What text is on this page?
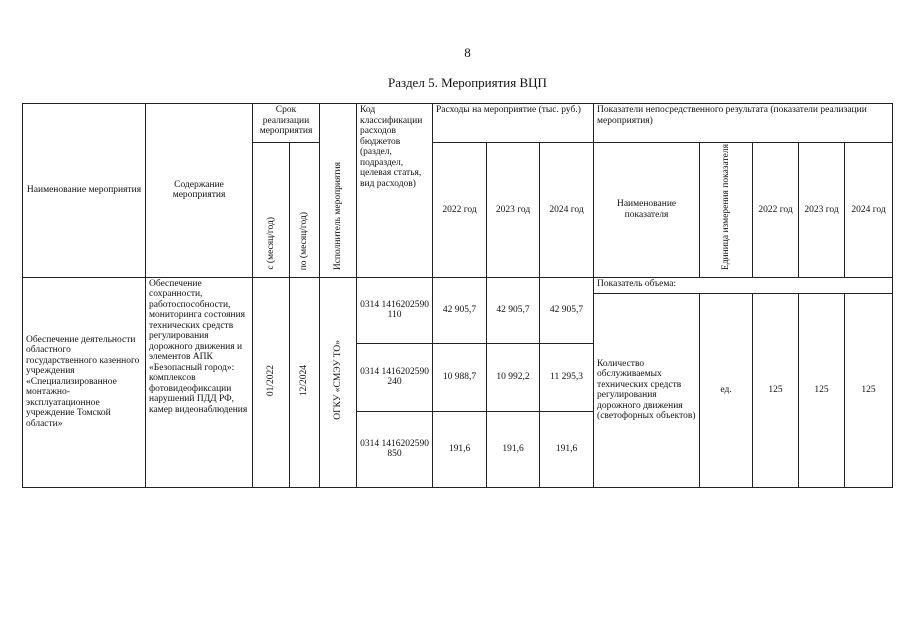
8
Раздел 5. Мероприятия ВЦП
Наименование мероприятия	Содержание мероприятия	Срок реализации мероприятия		Исполнитель мероприятия	Код классификации расходов бюджетов (раздел, подраздел, целевая статья, вид расходов)	Расходы на мероприятие (тыс. руб.)			Показатели непосредственного результата (показатели реализации мероприятия)				
		с (месяц/год)	по (месяц/год)			2022 год	2023 год	2024 год	Наименование показателя	Единица измерения показателя	2022 год	2023 год	2024 год
Обеспечение деятельности областного государственного казенного учреждения «Специализированное монтажно-эксплуатационное учреждение Томской области»	Обеспечение сохранности, работоспособности, мониторинга состояния технических средств регулирования дорожного движения и элементов АПК «Безопасный город»: комплексов фотовидеофиксации нарушений ПДД РФ, камер видеонаблюдения	01/2022	12/2024	ОГКУ «СМЭУ ТО»	0314 1416202590 110	42 905,7	42 905,7	42 905,7	Показатель объема:				
									Количество обслуживаемых технических средств регулирования дорожного движения (светофорных объектов)	ед.	125	125	125
					0314 1416202590 240	10 988,7	10 992,2	11 295,3					
					0314 1416202590 850	191,6	191,6	191,6					
